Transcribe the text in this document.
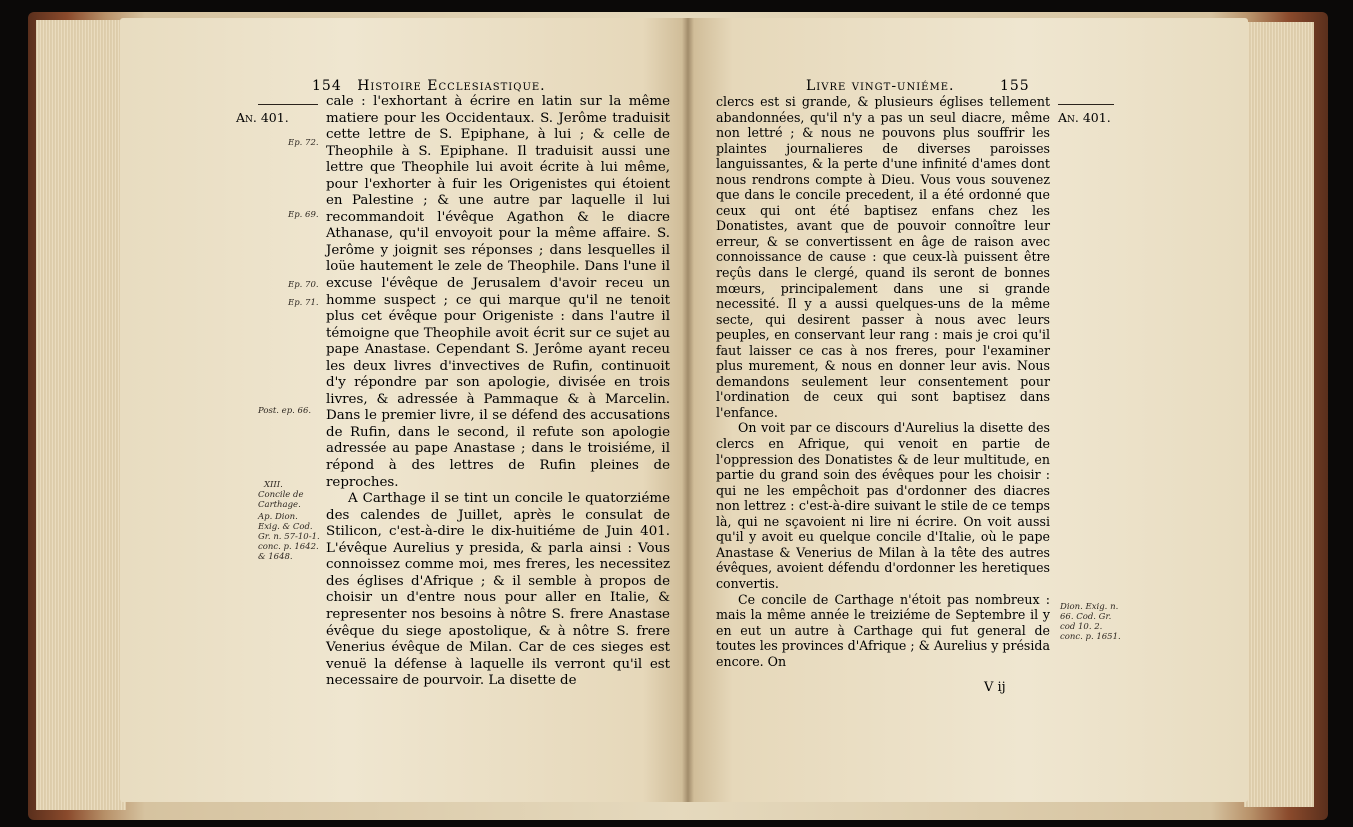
154 Histoire Ecclesiastique.
An. 401.
Ep. 72.
Ep. 69.
Ep. 70.
Ep. 71.
Post. ep. 66.
XIII.
Concile de Carthage.
Ap. Dion. Exig. & Cod. Gr. n. 57-10-1. conc. p. 1642. & 1648.

cale : l'exhortant à écrire en latin sur la même matiere pour les Occidentaux. S. Jerôme traduisit cette lettre de S. Epiphane, à lui ; & celle de Theophile à S. Epiphane. Il traduisit aussi une lettre que Theophile lui avoit écrite à lui même, pour l'exhorter à fuir les Origenistes qui étoient en Palestine ; & une autre par laquelle il lui recommandoit l'évêque Agathon & le diacre Athanase, qu'il envoyoit pour la même affaire. S. Jerôme y joignit ses réponses ; dans lesquelles il loüe hautement le zele de Theophile. Dans l'une il excuse l'évêque de Jerusalem d'avoir receu un homme suspect ; ce qui marque qu'il ne tenoit plus cet évêque pour Origeniste : dans l'autre il témoigne que Theophile avoit écrit sur ce sujet au pape Anastase. Cependant S. Jerôme ayant receu les deux livres d'invectives de Rufin, continuoit d'y répondre par son apologie, divisée en trois livres, & adressée à Pammaque & à Marcelin. Dans le premier livre, il se défend des accusations de Rufin, dans le second, il refute son apologie adressée au pape Anastase ; dans le troisiéme, il répond à des lettres de Rufin pleines de reproches.

A Carthage il se tint un concile le quatorziéme des calendes de Juillet, après le consulat de Stilicon, c'est-à-dire le dix-huitiéme de Juin 401. L'évêque Aurelius y presida, & parla ainsi : Vous connoissez comme moi, mes freres, les necessitez des églises d'Afrique ; & il semble à propos de choisir un d'entre nous pour aller en Italie, & representer nos besoins à nôtre S. frere Anastase évêque du siege apostolique, & à nôtre S. frere Venerius évêque de Milan. Car de ces sieges est venuë la défense à laquelle ils verront qu'il est necessaire de pourvoir. La disette de

Livre vingt-uniéme.	155
An. 401.
Dion. Exig. n. 66. Cod. Gr. cod 10. 2. conc. p. 1651.

clercs est si grande, & plusieurs églises tellement abandonnées, qu'il n'y a pas un seul diacre, même non lettré ; & nous ne pouvons plus souffrir les plaintes journalieres de diverses paroisses languissantes, & la perte d'une infinité d'ames dont nous rendrons compte à Dieu. Vous vous souvenez que dans le concile precedent, il a été ordonné que ceux qui ont été baptisez enfans chez les Donatistes, avant que de pouvoir connoître leur erreur, & se convertissent en âge de raison avec connoissance de cause : que ceux-là puissent être reçûs dans le clergé, quand ils seront de bonnes mœurs, principalement dans une si grande necessité. Il y a aussi quelques-uns de la même secte, qui desirent passer à nous avec leurs peuples, en conservant leur rang : mais je croi qu'il faut laisser ce cas à nos freres, pour l'examiner plus murement, & nous en donner leur avis. Nous demandons seulement leur consentement pour l'ordination de ceux qui sont baptisez dans l'enfance.

On voit par ce discours d'Aurelius la disette des clercs en Afrique, qui venoit en partie de l'oppression des Donatistes & de leur multitude, en partie du grand soin des évêques pour les choisir : qui ne les empêchoit pas d'ordonner des diacres non lettrez : c'est-à-dire suivant le stile de ce temps là, qui ne sçavoient ni lire ni écrire. On voit aussi qu'il y avoit eu quelque concile d'Italie, où le pape Anastase & Venerius de Milan à la tête des autres évêques, avoient défendu d'ordonner les heretiques convertis.

Ce concile de Carthage n'étoit pas nombreux : mais la même année le treiziéme de Septembre il y en eut un autre à Carthage qui fut general de toutes les provinces d'Afrique ; & Aurelius y présida encore. On

V ij
